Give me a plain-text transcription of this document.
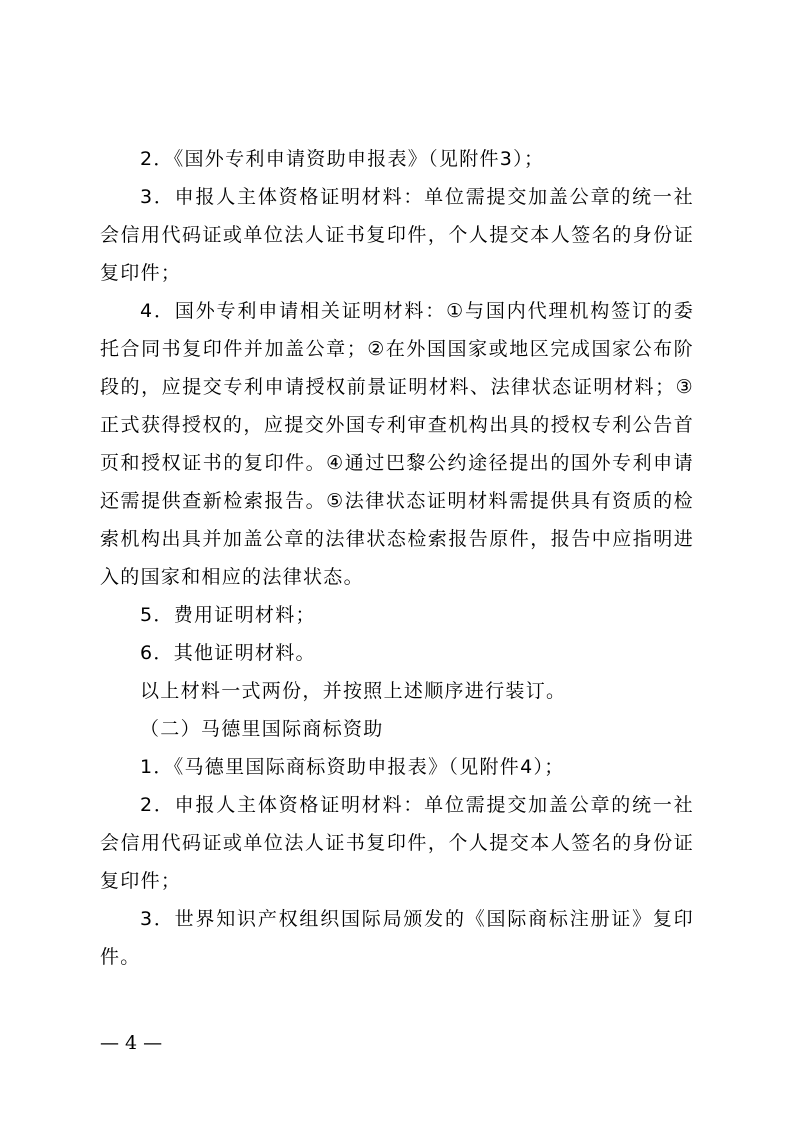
2．《国外专利申请资助申报表》（见附件3）；

3．申报人主体资格证明材料：单位需提交加盖公章的统一社会信用代码证或单位法人证书复印件，个人提交本人签名的身份证复印件；

4．国外专利申请相关证明材料：①与国内代理机构签订的委托合同书复印件并加盖公章；②在外国国家或地区完成国家公布阶段的，应提交专利申请授权前景证明材料、法律状态证明材料；③正式获得授权的，应提交外国专利审查机构出具的授权专利公告首页和授权证书的复印件。④通过巴黎公约途径提出的国外专利申请还需提供查新检索报告。⑤法律状态证明材料需提供具有资质的检索机构出具并加盖公章的法律状态检索报告原件，报告中应指明进入的国家和相应的法律状态。

5．费用证明材料；

6．其他证明材料。

以上材料一式两份，并按照上述顺序进行装订。

（二）马德里国际商标资助

1．《马德里国际商标资助申报表》（见附件4）；

2．申报人主体资格证明材料：单位需提交加盖公章的统一社会信用代码证或单位法人证书复印件，个人提交本人签名的身份证复印件；

3．世界知识产权组织国际局颁发的《国际商标注册证》复印件。

— 4 —
